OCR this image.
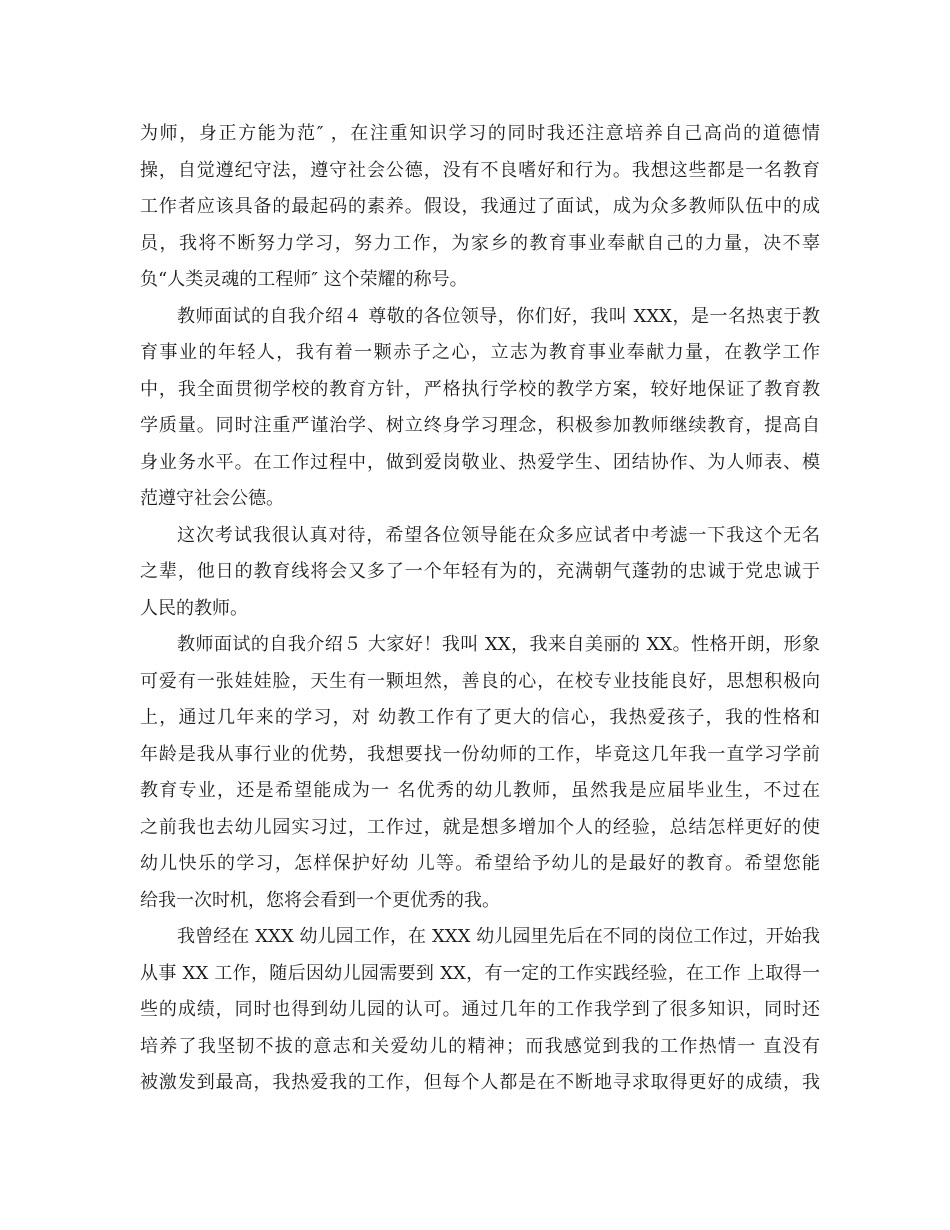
为师，身正方能为范″ ，在注重知识学习的同时我还注意培养自己高尚的道德情
操，自觉遵纪守法，遵守社会公德，没有不良嗜好和行为。我想这些都是一名教育
工作者应该具备的最起码的素养。假设，我通过了面试，成为众多教师队伍中的成
员，我将不断努力学习，努力工作，为家乡的教育事业奉献自己的力量，决不辜
负“人类灵魂的工程师″ 这个荣耀的称号。
教师面试的自我介绍４ 尊敬的各位领导，你们好，我叫 XXX，是一名热衷于教
育事业的年轻人，我有着一颗赤子之心，立志为教育事业奉献力量，在教学工作
中，我全面贯彻学校的教育方针，严格执行学校的教学方案，较好地保证了教育教
学质量。同时注重严谨治学、树立终身学习理念，积极参加教师继续教育，提高自
身业务水平。在工作过程中，做到爱岗敬业、热爱学生、团结协作、为人师表、模
范遵守社会公德。
这次考试我很认真对待，希望各位领导能在众多应试者中考滤一下我这个无名
之辈，他日的教育线将会又多了一个年轻有为的，充满朝气蓬勃的忠诚于党忠诚于
人民的教师。
教师面试的自我介绍５ 大家好！我叫 XX，我来自美丽的 XX。性格开朗，形象
可爱有一张娃娃脸，天生有一颗坦然，善良的心，在校专业技能良好，思想积极向
上，通过几年来的学习，对 幼教工作有了更大的信心，我热爱孩子，我的性格和
年龄是我从事行业的优势，我想要找一份幼师的工作，毕竟这几年我一直学习学前
教育专业，还是希望能成为一 名优秀的幼儿教师，虽然我是应届毕业生，不过在
之前我也去幼儿园实习过，工作过，就是想多增加个人的经验，总结怎样更好的使
幼儿快乐的学习，怎样保护好幼 儿等。希望给予幼儿的是最好的教育。希望您能
给我一次时机，您将会看到一个更优秀的我。
我曾经在 XXX 幼儿园工作，在 XXX 幼儿园里先后在不同的岗位工作过，开始我
从事 XX 工作，随后因幼儿园需要到 XX，有一定的工作实践经验，在工作 上取得一
些的成绩，同时也得到幼儿园的认可。通过几年的工作我学到了很多知识，同时还
培养了我坚韧不拔的意志和关爱幼儿的精神；而我感觉到我的工作热情一 直没有
被激发到最高，我热爱我的工作，但每个人都是在不断地寻求取得更好的成绩，我
